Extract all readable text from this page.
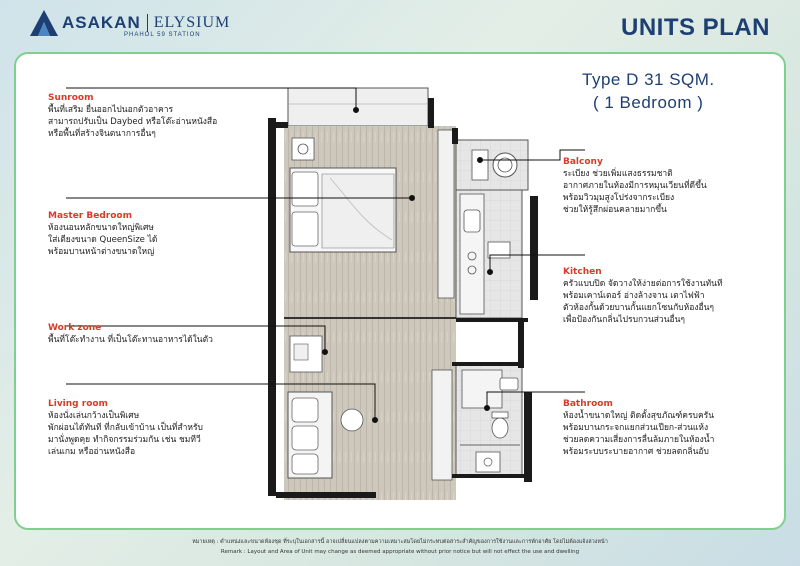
ASAKAN ELYSIUM
PHAHOL 59 STATION	UNITS PLAN
Type D 31 SQM.
( 1 Bedroom )
Sunroom
พื้นที่เสริม ยื่นออกไปนอกตัวอาคาร
สามารถปรับเป็น Daybed หรือโต๊ะอ่านหนังสือ
หรือพื้นที่สร้างจินตนาการอื่นๆ
Master Bedroom
ห้องนอนหลักขนาดใหญ่พิเศษ
ใส่เตียงขนาด QueenSize ได้
พร้อมบานหน้าต่างขนาดใหญ่
Work zone
พื้นที่โต๊ะทำงาน ที่เป็นโต๊ะทานอาหารได้ในตัว
Living room
ห้องนั่งเล่นกว้างเป็นพิเศษ
พักผ่อนได้ทันที ที่กลับเข้าบ้าน เป็นที่สำหรับ
มานั่งพูดคุย ทำกิจกรรมร่วมกัน เช่น ชมทีวี
เล่นเกม หรืออ่านหนังสือ
Balcony
ระเบียง ช่วยเพิ่มแสงธรรมชาติ
อากาศภายในห้องมีการหมุนเวียนที่ดีขึ้น
พร้อมวิวมุมสูงโปร่งจากระเบียง
ช่วยให้รู้สึกผ่อนคลายมากขึ้น
Kitchen
ครัวแบบปิด จัดวางให้ง่ายต่อการใช้งานทันที
พร้อมเคาน์เตอร์ อ่างล้างจาน เตาไฟฟ้า
ตัวห้องกั้นด้วยบานกั้นแยกโซนกับห้องอื่นๆ
เพื่อป้องกันกลิ่นไปรบกวนส่วนอื่นๆ
Bathroom
ห้องน้ำขนาดใหญ่ ติดตั้งสุขภัณฑ์ครบครัน
พร้อมบานกระจกแยกส่วนเปียก-ส่วนแห้ง
ช่วยลดความเสี่ยงการลื่นล้มภายในห้องน้ำ
พร้อมระบบระบายอากาศ ช่วยลดกลิ่นอับ
หมายเหตุ : ตำแหน่งและขนาดห้องชุด ที่ระบุในเอกสารนี้ อาจเปลี่ยนแปลงตามความเหมาะสมโดยไม่กระทบต่อสาระสำคัญของการใช้งานและการพักอาศัย โดยไม่ต้องแจ้งล่วงหน้า
Remark : Layout and Area of Unit may change as deemed appropriate without prior notice but will not effect the use and dwelling
